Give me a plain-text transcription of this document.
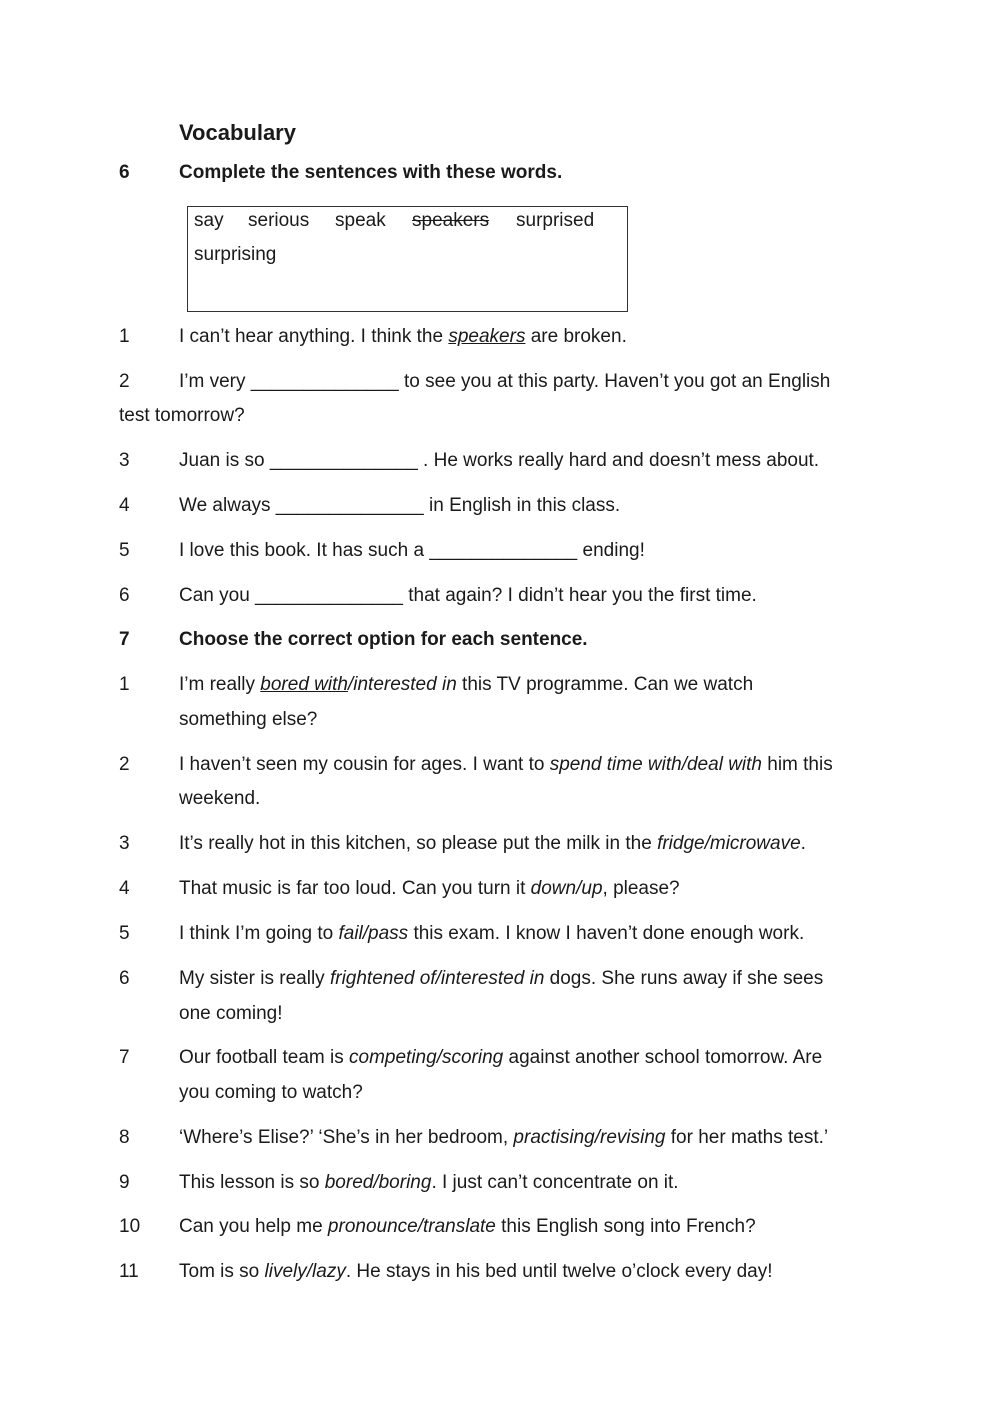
Vocabulary
6	Complete the sentences with these words.
say serious speak speakers surprised
surprising
1	I can’t hear anything. I think the speakers are broken.
2	I’m very ______________ to see you at this party. Haven’t you got an English
test tomorrow?
3	Juan is so ______________ . He works really hard and doesn’t mess about.
4	We always ______________ in English in this class.
5	I love this book. It has such a ______________ ending!
6	Can you ______________ that again? I didn’t hear you the first time.
7	Choose the correct option for each sentence.
1	I’m really bored with/interested in this TV programme. Can we watch
something else?
2	I haven’t seen my cousin for ages. I want to spend time with/deal with him this
weekend.
3	It’s really hot in this kitchen, so please put the milk in the fridge/microwave.
4	That music is far too loud. Can you turn it down/up, please?
5	I think I’m going to fail/pass this exam. I know I haven’t done enough work.
6	My sister is really frightened of/interested in dogs. She runs away if she sees
one coming!
7	Our football team is competing/scoring against another school tomorrow. Are
you coming to watch?
8	‘Where’s Elise?’ ‘She’s in her bedroom, practising/revising for her maths test.’
9	This lesson is so bored/boring. I just can’t concentrate on it.
10 Can you help me pronounce/translate this English song into French?
11 Tom is so lively/lazy. He stays in his bed until twelve o’clock every day!
